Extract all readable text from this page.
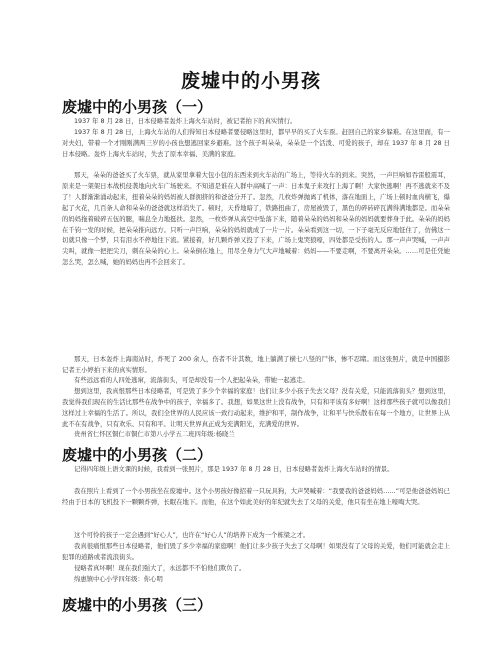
废墟中的小男孩
废墟中的小男孩（一）

1937 年 8 月 28 日，日本侵略者轰炸上海火车站时，被记者拍下的真实情行。

1937 年 8 月 28 日，上海火车站的人们得知日本侵略者要侵略这里时，都早早的买了火车票。赶回自己的家乡躲难。在这里面，有一对夫妇，带着一个才刚刚满两三岁的小孩也想逃回家乡避难。这个孩子叫朵朵，朵朵是一个活泼、可爱的孩子，却在 1937 年 8 月 28 日日本侵略。轰炸上海火车站时，失去了原本幸福、美满的家庭。

那天，朵朵的爸爸买了火车票，就从家里拿着大包小包的东西来到火车站的广场上，等待火车的到来。突然，一声巨响如吞雷般震耳，原来是一架架日本战机侵袭地向火车广场驶来。不知道是谁在人群中高喊了一声：日本鬼子来攻打上海了啊！大家快逃啊！再不逃就来不及了！人群渐渐涌动起来，扭着朵朵的妈妈被人群拥挤的和爸爸分开了。忽然，几枚炸弹抛离了机体，落在地面上，广场上顿时血肉横飞，爆起了火花，几百条人命和朵朵的爸爸就这样消失了。顿时，天昏地暗了，铁路扭曲了，房屋被毁了，黑色的碎砖碎瓦满得满地都是。而朵朵的妈妈拖着破碎五伍的腿，喘息全力地挺扶。忽然，一枚炸弹从高空中坠落下来，随着朵朵的妈妈和朵朵的妈妈就要葬身于此。朵朵的妈妈在千钧一发的时候，把朵朵推向远方。只听一声巨响，朵朵的妈妈就成了一片一片。朵朵看到这一切，一下子毫无反应地怔住了，仿佛这一切就只像一个梦，只有泪水不停地往下流。紧接着，好几颗炸弹又投了下来，广场上鬼哭狼嚎，四处都是受伤的人。那一声声哭喊，一声声尖叫，就像一把把尖刀，刺在朵朵的心上。朵朵倒在地上，用尽全身力气大声地喊着：妈妈——不要走啊，不要离开朵朵。……可是任凭她怎么哭，怎么喊，她的妈妈也再不会回来了。

那天，日本轰炸上海南站时，炸死了 200 余人，伤者不计其数，地上躺满了横七八竖的尸体，惨不忍睹。而这张照片，就是中国摄影记者王小婷拍下来的真实情形。

有些远远看的人四处逃窜，流落街头，可是却没有一个人把起朵朵，带她一起逃走。

想到这里，我真恨那些日本侵略者，可是毁了多少个幸福的家庭！也们让多少小孩子失去父母？没有关爱，只能流落街头？想到这里，我觉得我们现在的生活比那些在战争中的孩子，幸福多了。我想，如果这世上没有战争，只有和平该有多好啊！这样那些孩子就可以像我们这样过上幸福的生活了。所以，我们全世界的人民应该一致行动起来，维护和平，制作战争，让和平与快乐散布在每一个地方，让世界上从此不在有战争，只有欢乐、只有和平。让明天世界真正成为充满阳光，充满爱的世界。

贵州省仁怀区铜仁市铜仁市第八小学五二班四年级:杨晓兰

废墟中的小男孩（二）

记得四年级上语文课的时候，我看到一张照片，那是 1937 年 8 月 28 日，日本侵略者轰炸上海火车站时的情景。

我在照片上看到了一个小男孩坐在废墟中。这个小男孩好像招着一只玩具狗，大声哭喊着：“我要我的爸爸妈妈……”可是他爸爸妈妈已经由于日本的飞机投下一颗颗炸弹，长眠在地下。而他，在这个如此美好的年纪就失去了父母的关爱，他只有坐在地上嚎啕大哭。

这个可怜的孩子一定会遇到“好心人”，也许在“好心人”的培养下成为一个栋梁之才。

我真很痛恨那些日本侵略者，他们毁了多少幸福的家庭啊！他们让多少孩子失去了父母啊！如果没有了父母的关爱，他们可能就会走上犯罪的道路或者流浪街头。

侵略者真坏啊！现在我们强大了，永远都不不怕他们欺负了。

绵惠镇中心小学四年级：你心明

废墟中的小男孩（三）
